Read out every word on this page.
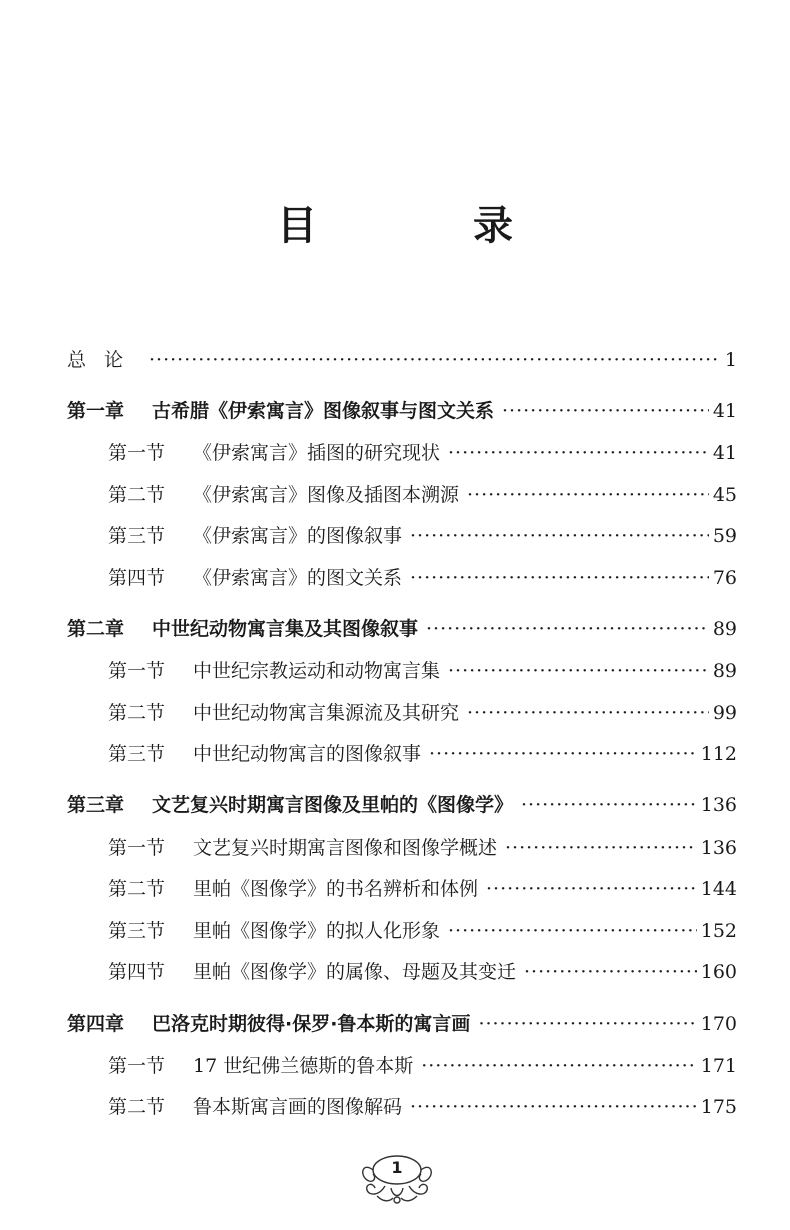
目　录
总论 ·····	1
第一章	古希腊《伊索寓言》图像叙事与图文关系 ·····	41
第一节	《伊索寓言》插图的研究现状 ·····	41
第二节	《伊索寓言》图像及插图本溯源 ·····	45
第三节	《伊索寓言》的图像叙事 ·····	59
第四节	《伊索寓言》的图文关系 ·····	76
第二章	中世纪动物寓言集及其图像叙事 ·····	89
第一节	中世纪宗教运动和动物寓言集 ·····	89
第二节	中世纪动物寓言集源流及其研究 ·····	99
第三节	中世纪动物寓言的图像叙事 ·····	112
第三章	文艺复兴时期寓言图像及里帕的《图像学》 ·····	136
第一节	文艺复兴时期寓言图像和图像学概述 ·····	136
第二节	里帕《图像学》的书名辨析和体例 ·····	144
第三节	里帕《图像学》的拟人化形象 ·····	152
第四节	里帕《图像学》的属像、母题及其变迁 ·····	160
第四章	巴洛克时期彼得·保罗·鲁本斯的寓言画 ·····	170
第一节	17 世纪佛兰德斯的鲁本斯 ·····	171
第二节	鲁本斯寓言画的图像解码 ·····	175
1
